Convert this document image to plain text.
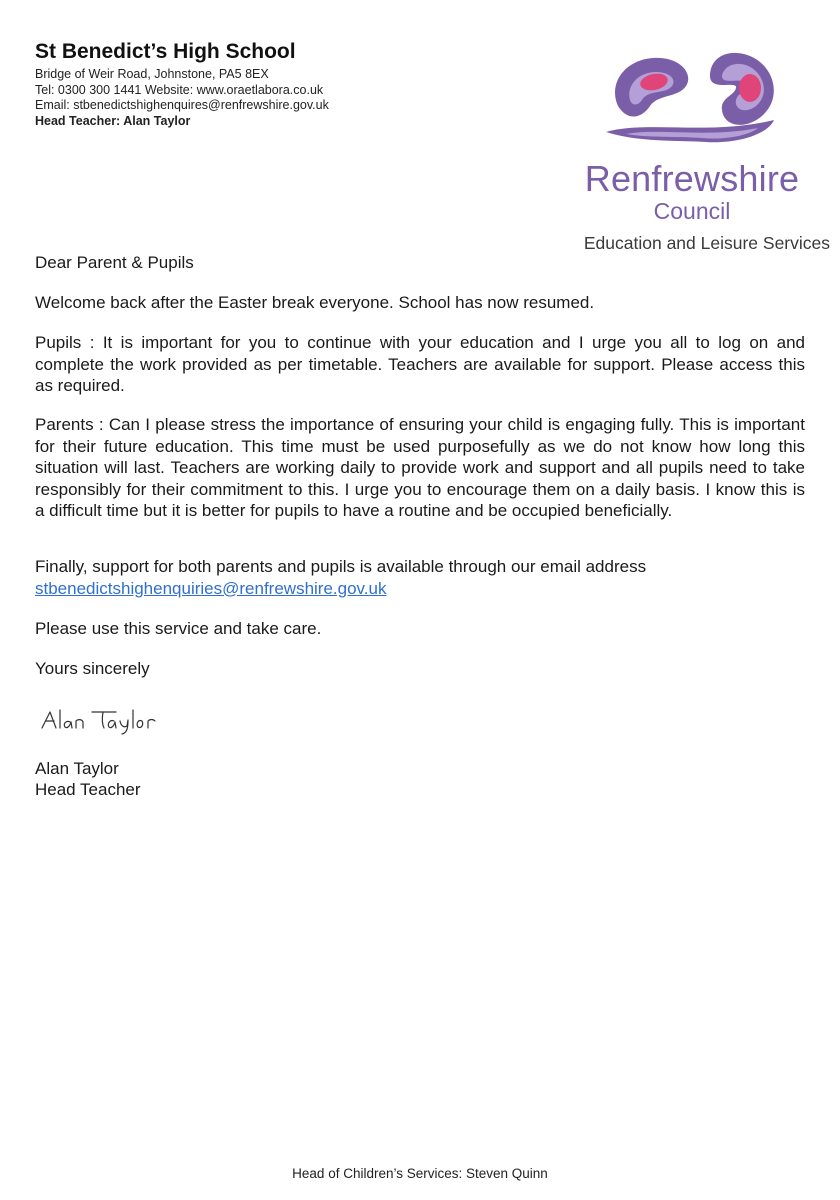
St Benedict’s High School
Bridge of Weir Road, Johnstone, PA5 8EX
Tel: 0300 300 1441 Website: www.oraetlabora.co.uk
Email: stbenedictshighenquires@renfrewshire.gov.uk
Head Teacher: Alan Taylor
Renfrewshire
Council
Education and Leisure Services
Dear Parent & Pupils
Welcome back after the Easter break everyone. School has now resumed.
Pupils : It is important for you to continue with your education and I urge you all to log on and complete the work provided as per timetable. Teachers are available for support. Please access this as required.
Parents : Can I please stress the importance of ensuring your child is engaging fully. This is important for their future education. This time must be used purposefully as we do not know how long this situation will last. Teachers are working daily to provide work and support and all pupils need to take responsibly for their commitment to this. I urge you to encourage them on a daily basis. I know this is a difficult time but it is better for pupils to have a routine and be occupied beneficially.
Finally, support for both parents and pupils is available through our email address
stbenedictshighenquiries@renfrewshire.gov.uk
Please use this service and take care.
Yours sincerely
Alan Taylor
Head Teacher
Head of Children’s Services: Steven Quinn
